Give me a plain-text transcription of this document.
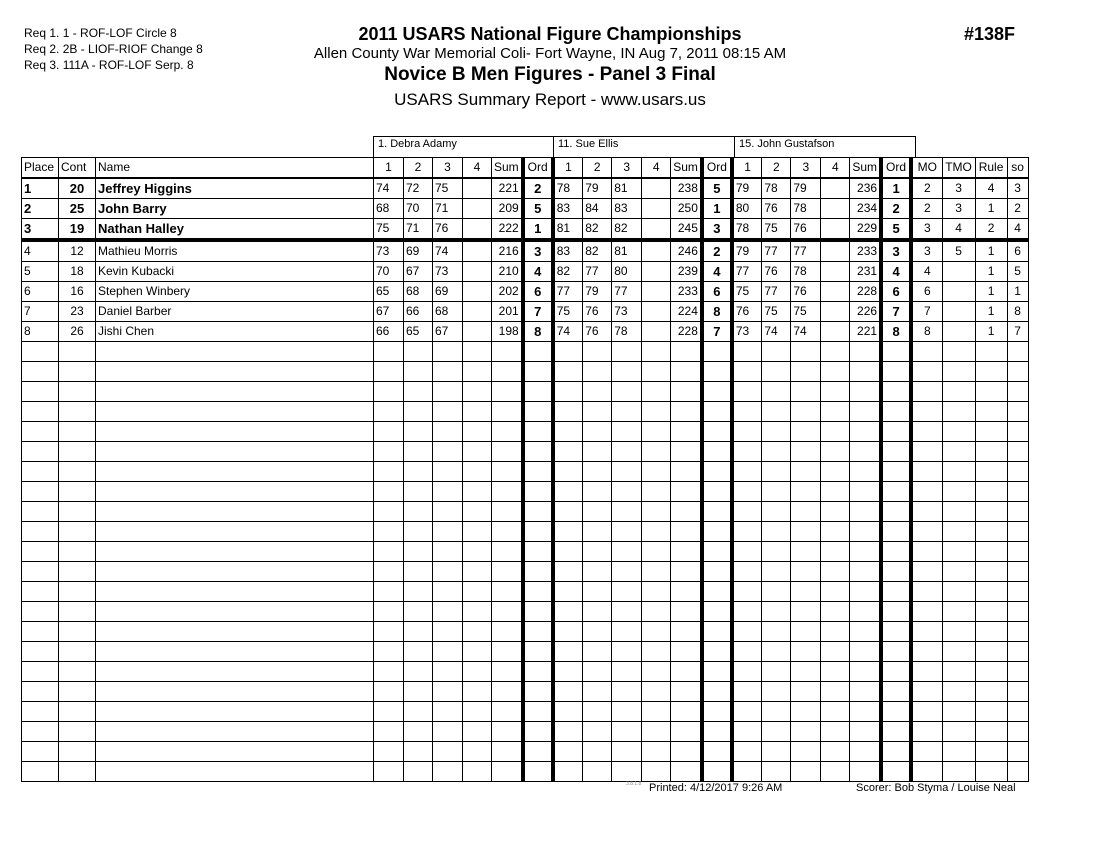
Req 1. 1 - ROF-LOF Circle 8
Req 2. 2B - LIOF-RIOF Change 8
Req 3. 111A - ROF-LOF Serp. 8
2011 USARS National Figure Championships
Allen County War Memorial Coli- Fort Wayne, IN Aug 7, 2011 08:15 AM
Novice B Men Figures - Panel 3 Final
USARS Summary Report - www.usars.us
#138F
1. Debra Adamy	11. Sue Ellis	15. John Gustafson
Place	Cont	Name	1	2	3	4	Sum	Ord	1	2	3	4	Sum	Ord	1	2	3	4	Sum	Ord	MO	TMO	Rule	so
1	20	Jeffrey Higgins	74	72	75		221	2	78	79	81		238	5	79	78	79		236	1	2	3	4	3
2	25	John Barry	68	70	71		209	5	83	84	83		250	1	80	76	78		234	2	2	3	1	2
3	19	Nathan Halley	75	71	76		222	1	81	82	82		245	3	78	75	76		229	5	3	4	2	4
4	12	Mathieu Morris	73	69	74		216	3	83	82	81		246	2	79	77	77		233	3	3	5	1	6
5	18	Kevin Kubacki	70	67	73		210	4	82	77	80		239	4	77	76	78		231	4	4		1	5
6	16	Stephen Winbery	65	68	69		202	6	77	79	77		233	6	75	77	76		228	6	6		1	1
7	23	Daniel Barber	67	66	68		201	7	75	76	73		224	8	76	75	75		226	7	7		1	8
8	26	Jishi Chen	66	65	67		198	8	74	76	78		228	7	73	74	74		221	8	8		1	7

3.8.1.8 Printed: 4/12/2017 9:26 AM	Scorer: Bob Styma / Louise Neal
